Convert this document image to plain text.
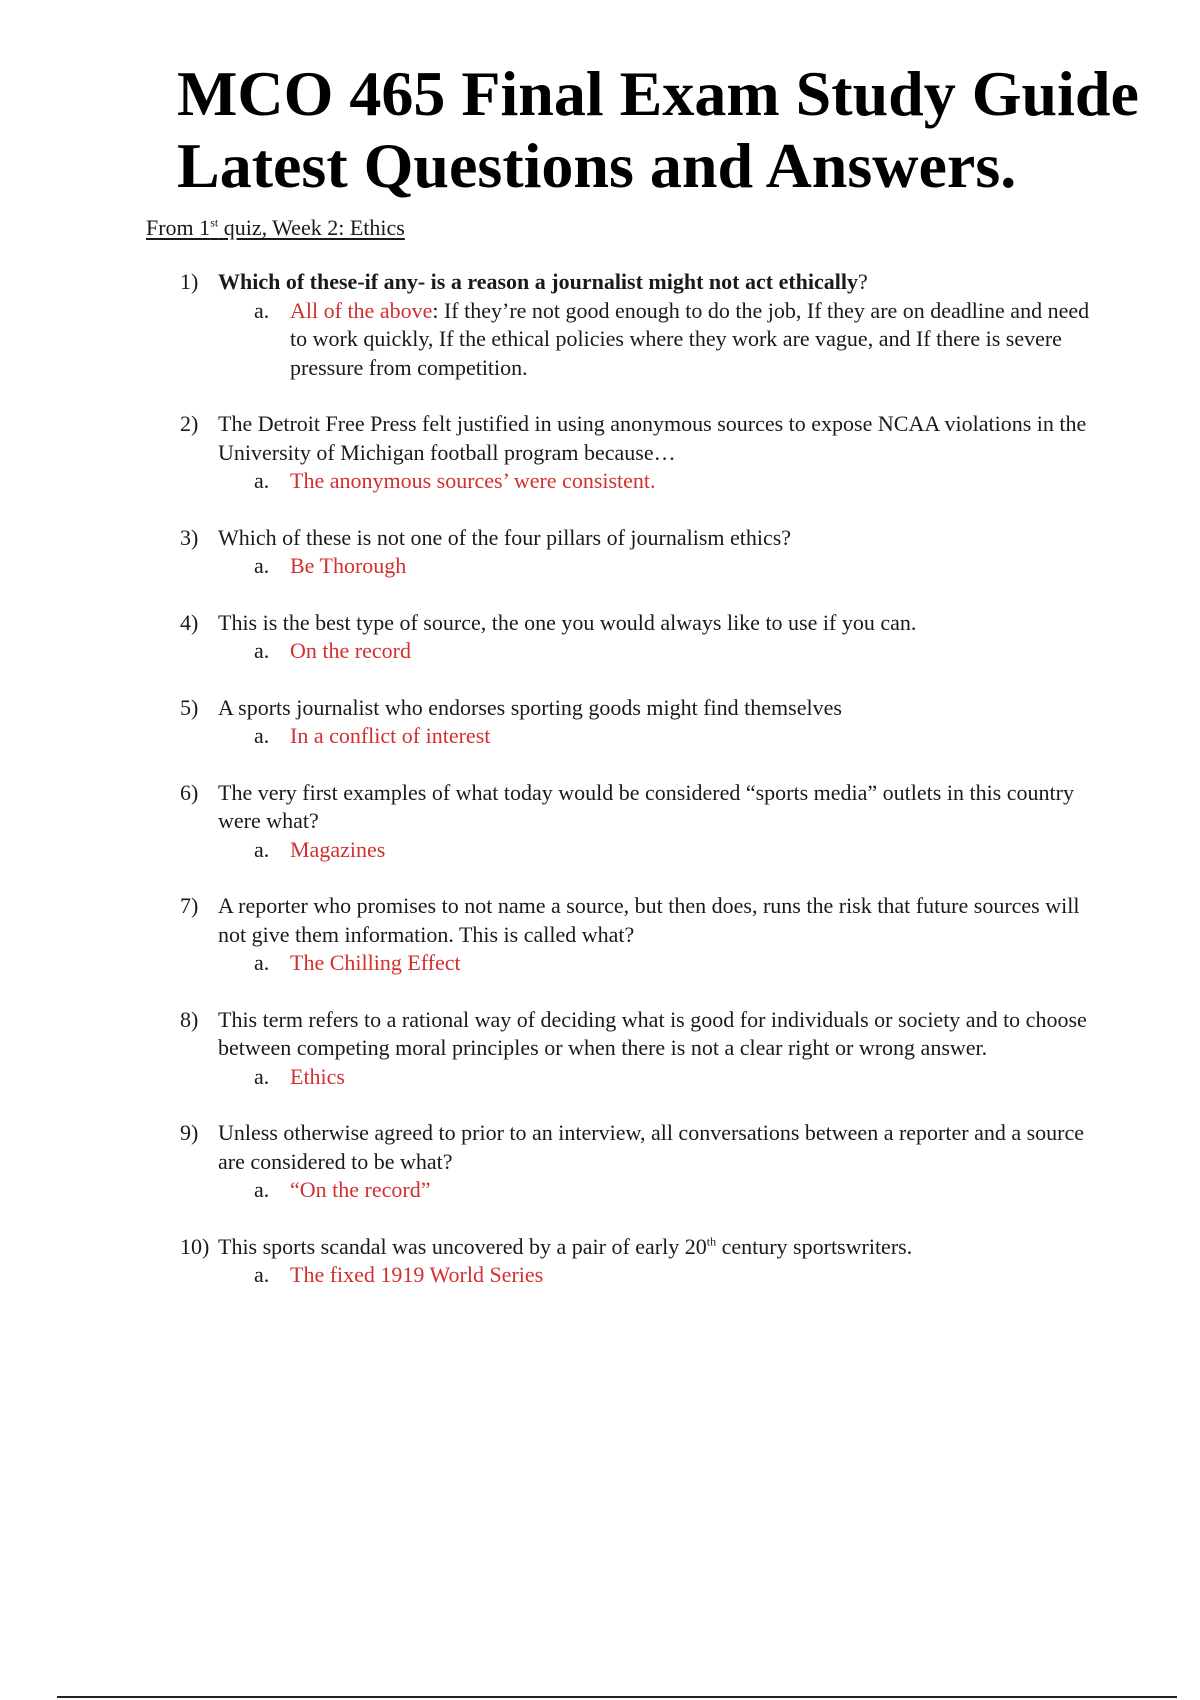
MCO 465 Final Exam Study Guide
Latest Questions and Answers.
From 1st quiz, Week 2: Ethics
1) Which of these-if any- is a reason a journalist might not act ethically?
a. All of the above: If they’re not good enough to do the job, If they are on deadline and need to work quickly, If the ethical policies where they work are vague, and If there is severe pressure from competition.
2) The Detroit Free Press felt justified in using anonymous sources to expose NCAA violations in the University of Michigan football program because…
a. The anonymous sources’ were consistent.
3) Which of these is not one of the four pillars of journalism ethics?
a. Be Thorough
4) This is the best type of source, the one you would always like to use if you can.
a. On the record
5) A sports journalist who endorses sporting goods might find themselves
a. In a conflict of interest
6) The very first examples of what today would be considered “sports media” outlets in this country were what?
a. Magazines
7) A reporter who promises to not name a source, but then does, runs the risk that future sources will not give them information. This is called what?
a. The Chilling Effect
8) This term refers to a rational way of deciding what is good for individuals or society and to choose between competing moral principles or when there is not a clear right or wrong answer.
a. Ethics
9) Unless otherwise agreed to prior to an interview, all conversations between a reporter and a source are considered to be what?
a. “On the record”
10) This sports scandal was uncovered by a pair of early 20th century sportswriters.
a. The fixed 1919 World Series
